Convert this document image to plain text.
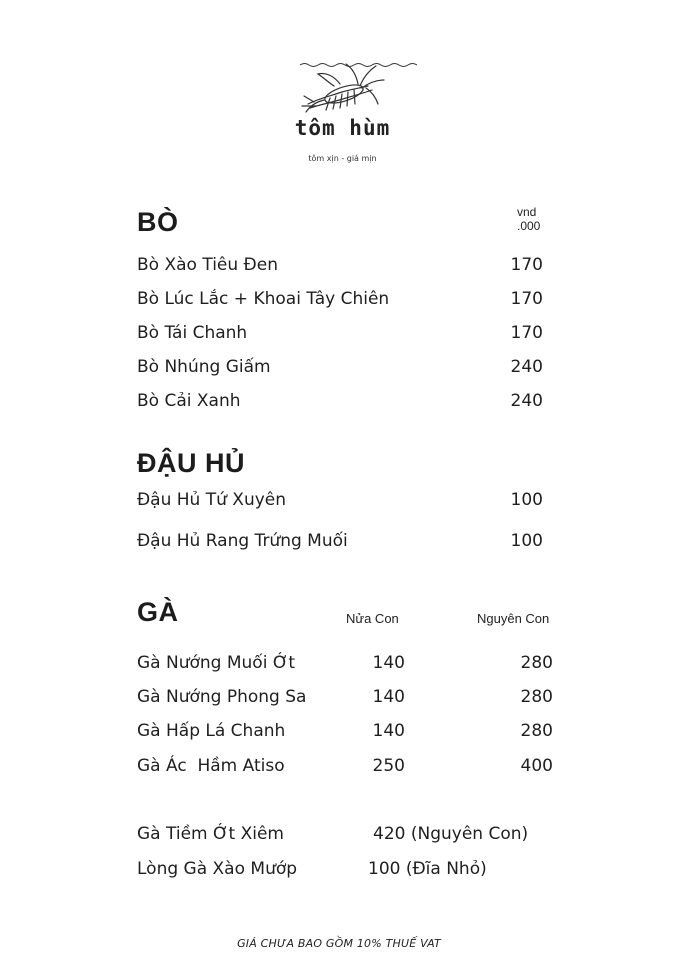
tôm hùm
tôm xịn - giá mịn
BÒ	vnd
.000
Bò Xào Tiêu Đen	170
Bò Lúc Lắc + Khoai Tây Chiên	170
Bò Tái Chanh	170
Bò Nhúng Giấm	240
Bò Cải Xanh	240
ĐẬU HỦ
Đậu Hủ Tứ Xuyên	100
Đậu Hủ Rang Trứng Muối	100
GÀ	Nửa Con	Nguyên Con
Gà Nướng Muối Ớt	140	280
Gà Nướng Phong Sa	140	280
Gà Hấp Lá Chanh	140	280
Gà Ác  Hầm Atiso	250	400
Gà Tiềm Ớt Xiêm	420 (Nguyên Con)
Lòng Gà Xào Mướp	100 (Đĩa Nhỏ)
GIÁ CHƯA BAO GỒM 10% THUẾ VAT
